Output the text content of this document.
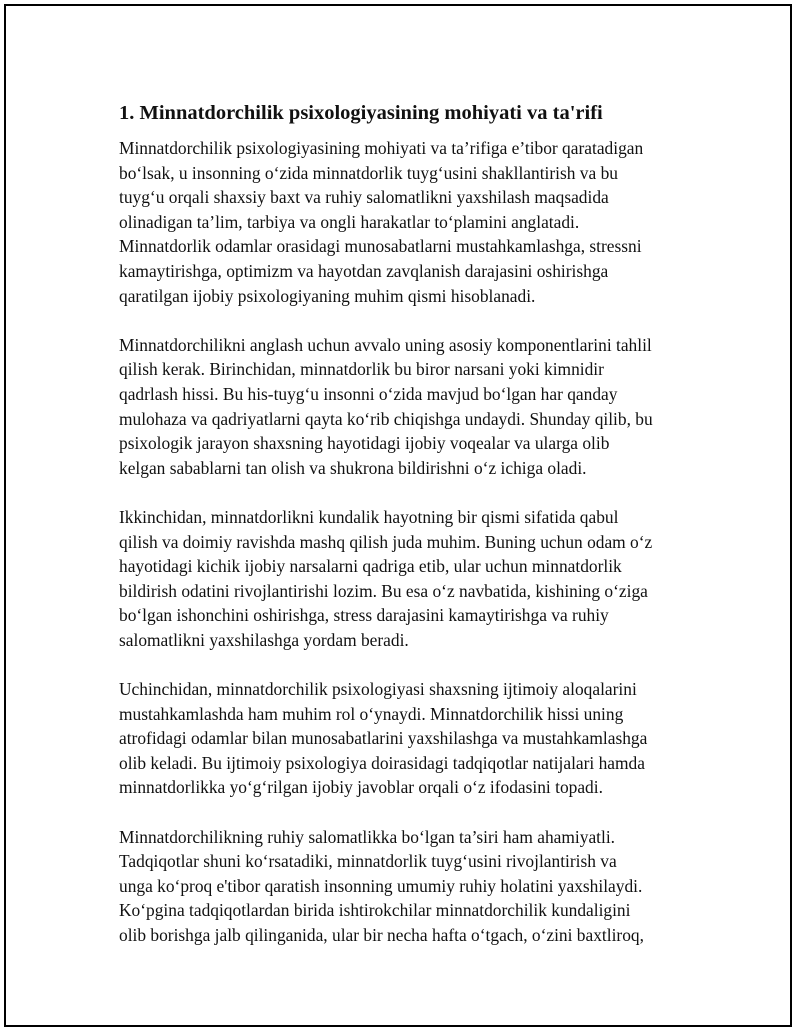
1. Minnatdorchilik psixologiyasining mohiyati va ta'rifi

Minnatdorchilik psixologiyasining mohiyati va ta’rifiga e’tibor qaratadigan
bo‘lsak, u insonning o‘zida minnatdorlik tuyg‘usini shakllantirish va bu
tuyg‘u orqali shaxsiy baxt va ruhiy salomatlikni yaxshilash maqsadida
olinadigan ta’lim, tarbiya va ongli harakatlar to‘plamini anglatadi.
Minnatdorlik odamlar orasidagi munosabatlarni mustahkamlashga, stressni
kamaytirishga, optimizm va hayotdan zavqlanish darajasini oshirishga
qaratilgan ijobiy psixologiyaning muhim qismi hisoblanadi.

Minnatdorchilikni anglash uchun avvalo uning asosiy komponentlarini tahlil
qilish kerak. Birinchidan, minnatdorlik bu biror narsani yoki kimnidir
qadrlash hissi. Bu his-tuyg‘u insonni o‘zida mavjud bo‘lgan har qanday
mulohaza va qadriyatlarni qayta ko‘rib chiqishga undaydi. Shunday qilib, bu
psixologik jarayon shaxsning hayotidagi ijobiy voqealar va ularga olib
kelgan sabablarni tan olish va shukrona bildirishni o‘z ichiga oladi.

Ikkinchidan, minnatdorlikni kundalik hayotning bir qismi sifatida qabul
qilish va doimiy ravishda mashq qilish juda muhim. Buning uchun odam o‘z
hayotidagi kichik ijobiy narsalarni qadriga etib, ular uchun minnatdorlik
bildirish odatini rivojlantirishi lozim. Bu esa o‘z navbatida, kishining o‘ziga
bo‘lgan ishonchini oshirishga, stress darajasini kamaytirishga va ruhiy
salomatlikni yaxshilashga yordam beradi.

Uchinchidan, minnatdorchilik psixologiyasi shaxsning ijtimoiy aloqalarini
mustahkamlashda ham muhim rol o‘ynaydi. Minnatdorchilik hissi uning
atrofidagi odamlar bilan munosabatlarini yaxshilashga va mustahkamlashga
olib keladi. Bu ijtimoiy psixologiya doirasidagi tadqiqotlar natijalari hamda
minnatdorlikka yo‘g‘rilgan ijobiy javoblar orqali o‘z ifodasini topadi.

Minnatdorchilikning ruhiy salomatlikka bo‘lgan ta’siri ham ahamiyatli.
Tadqiqotlar shuni ko‘rsatadiki, minnatdorlik tuyg‘usini rivojlantirish va
unga ko‘proq e'tibor qaratish insonning umumiy ruhiy holatini yaxshilaydi.
Ko‘pgina tadqiqotlardan birida ishtirokchilar minnatdorchilik kundaligini
olib borishga jalb qilinganida, ular bir necha hafta o‘tgach, o‘zini baxtliroq,
